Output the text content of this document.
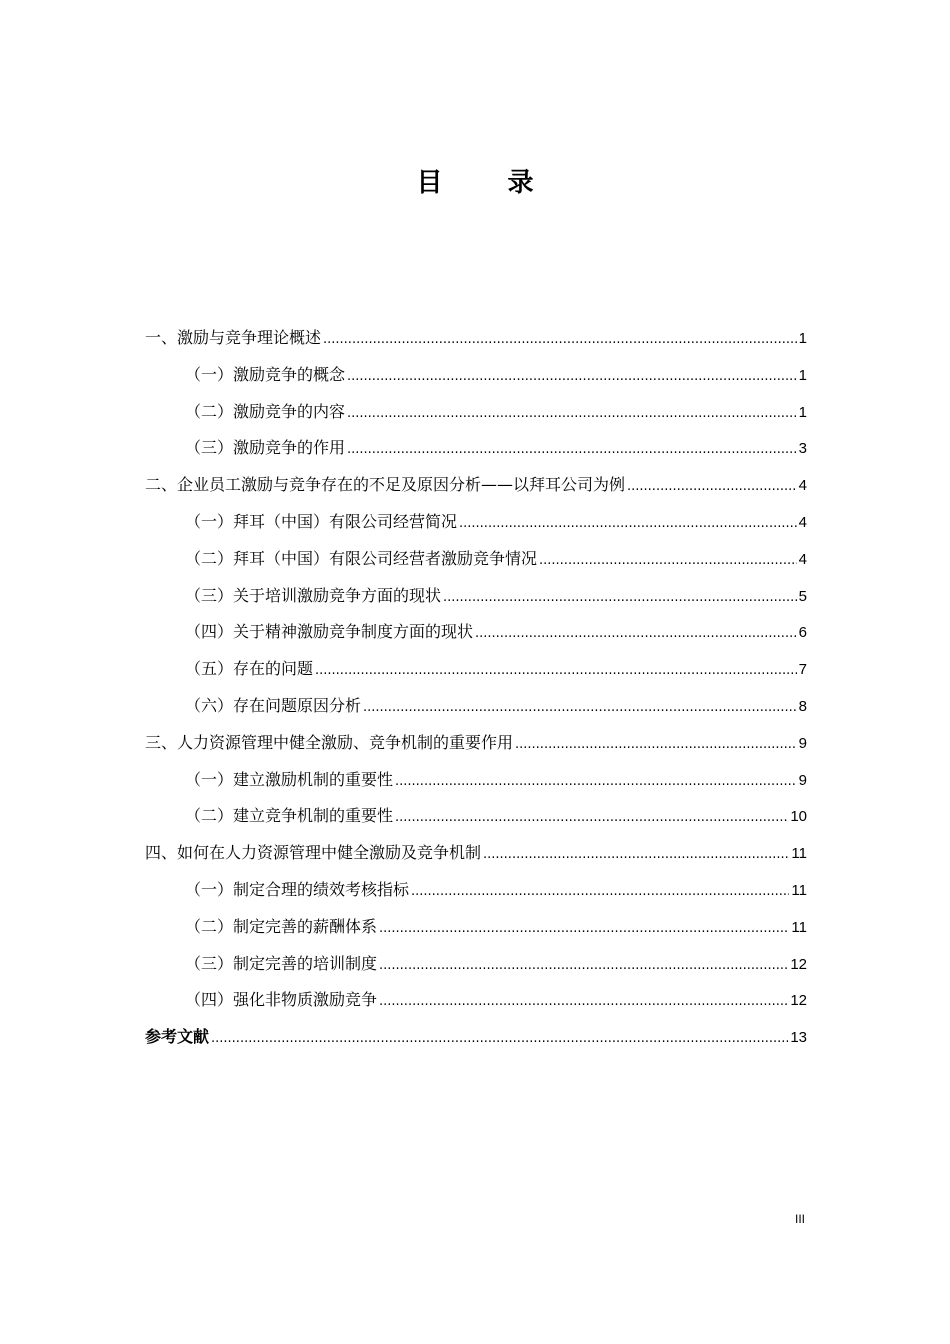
目 录
一、激励与竞争理论概述 .....	1
（一）激励竞争的概念 .....	1
（二）激励竞争的内容 .....	1
（三）激励竞争的作用 .....	3
二、企业员工激励与竞争存在的不足及原因分析——以拜耳公司为例 .....	4
（一）拜耳（中国）有限公司经营简况 .....	4
（二）拜耳（中国）有限公司经营者激励竞争情况 .....	4
（三）关于培训激励竞争方面的现状 .....	5
（四）关于精神激励竞争制度方面的现状 .....	6
（五）存在的问题 .....	7
（六）存在问题原因分析 .....	8
三、人力资源管理中健全激励、竞争机制的重要作用 .....	9
（一）建立激励机制的重要性 .....	9
（二）建立竞争机制的重要性 .....	10
四、如何在人力资源管理中健全激励及竞争机制 .....	11
（一）制定合理的绩效考核指标 .....	11
（二）制定完善的薪酬体系 .....	11
（三）制定完善的培训制度 .....	12
（四）强化非物质激励竞争 .....	12
参考文献 .....	13
III
